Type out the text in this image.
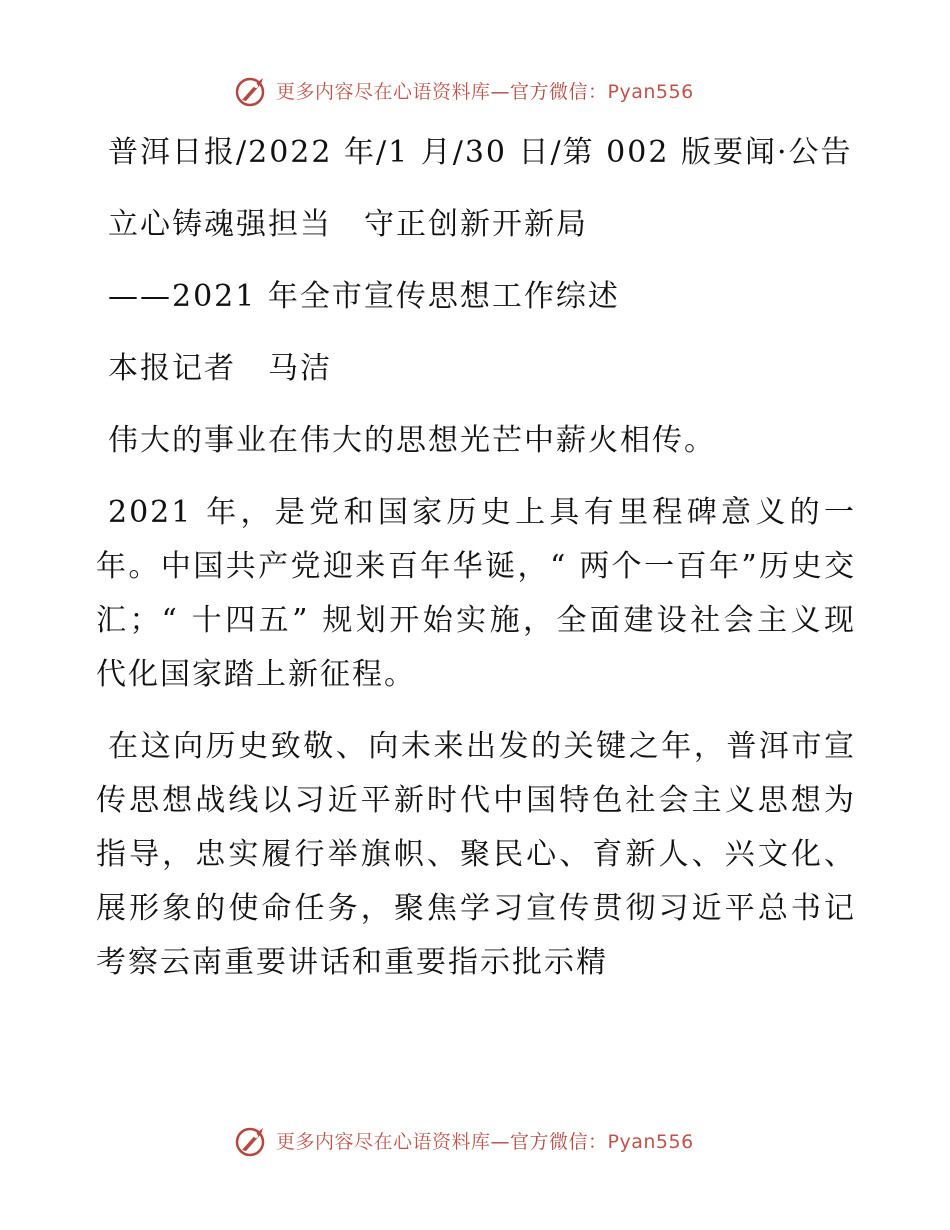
更多内容尽在心语资料库—官方微信：Pyan556

普洱日报/2022 年/1 月/30 日/第 002 版要闻·公告

立心铸魂强担当　守正创新开新局

——2021 年全市宣传思想工作综述

本报记者　马洁

伟大的事业在伟大的思想光芒中薪火相传。

2021 年，是党和国家历史上具有里程碑意义的一年。中国共产党迎来百年华诞，“ 两个一百年”历史交汇；“ 十四五” 规划开始实施，全面建设社会主义现代化国家踏上新征程。

在这向历史致敬、向未来出发的关键之年，普洱市宣传思想战线以习近平新时代中国特色社会主义思想为指导，忠实履行举旗帜、聚民心、育新人、兴文化、展形象的使命任务，聚焦学习宣传贯彻习近平总书记考察云南重要讲话和重要指示批示精

更多内容尽在心语资料库—官方微信：Pyan556
